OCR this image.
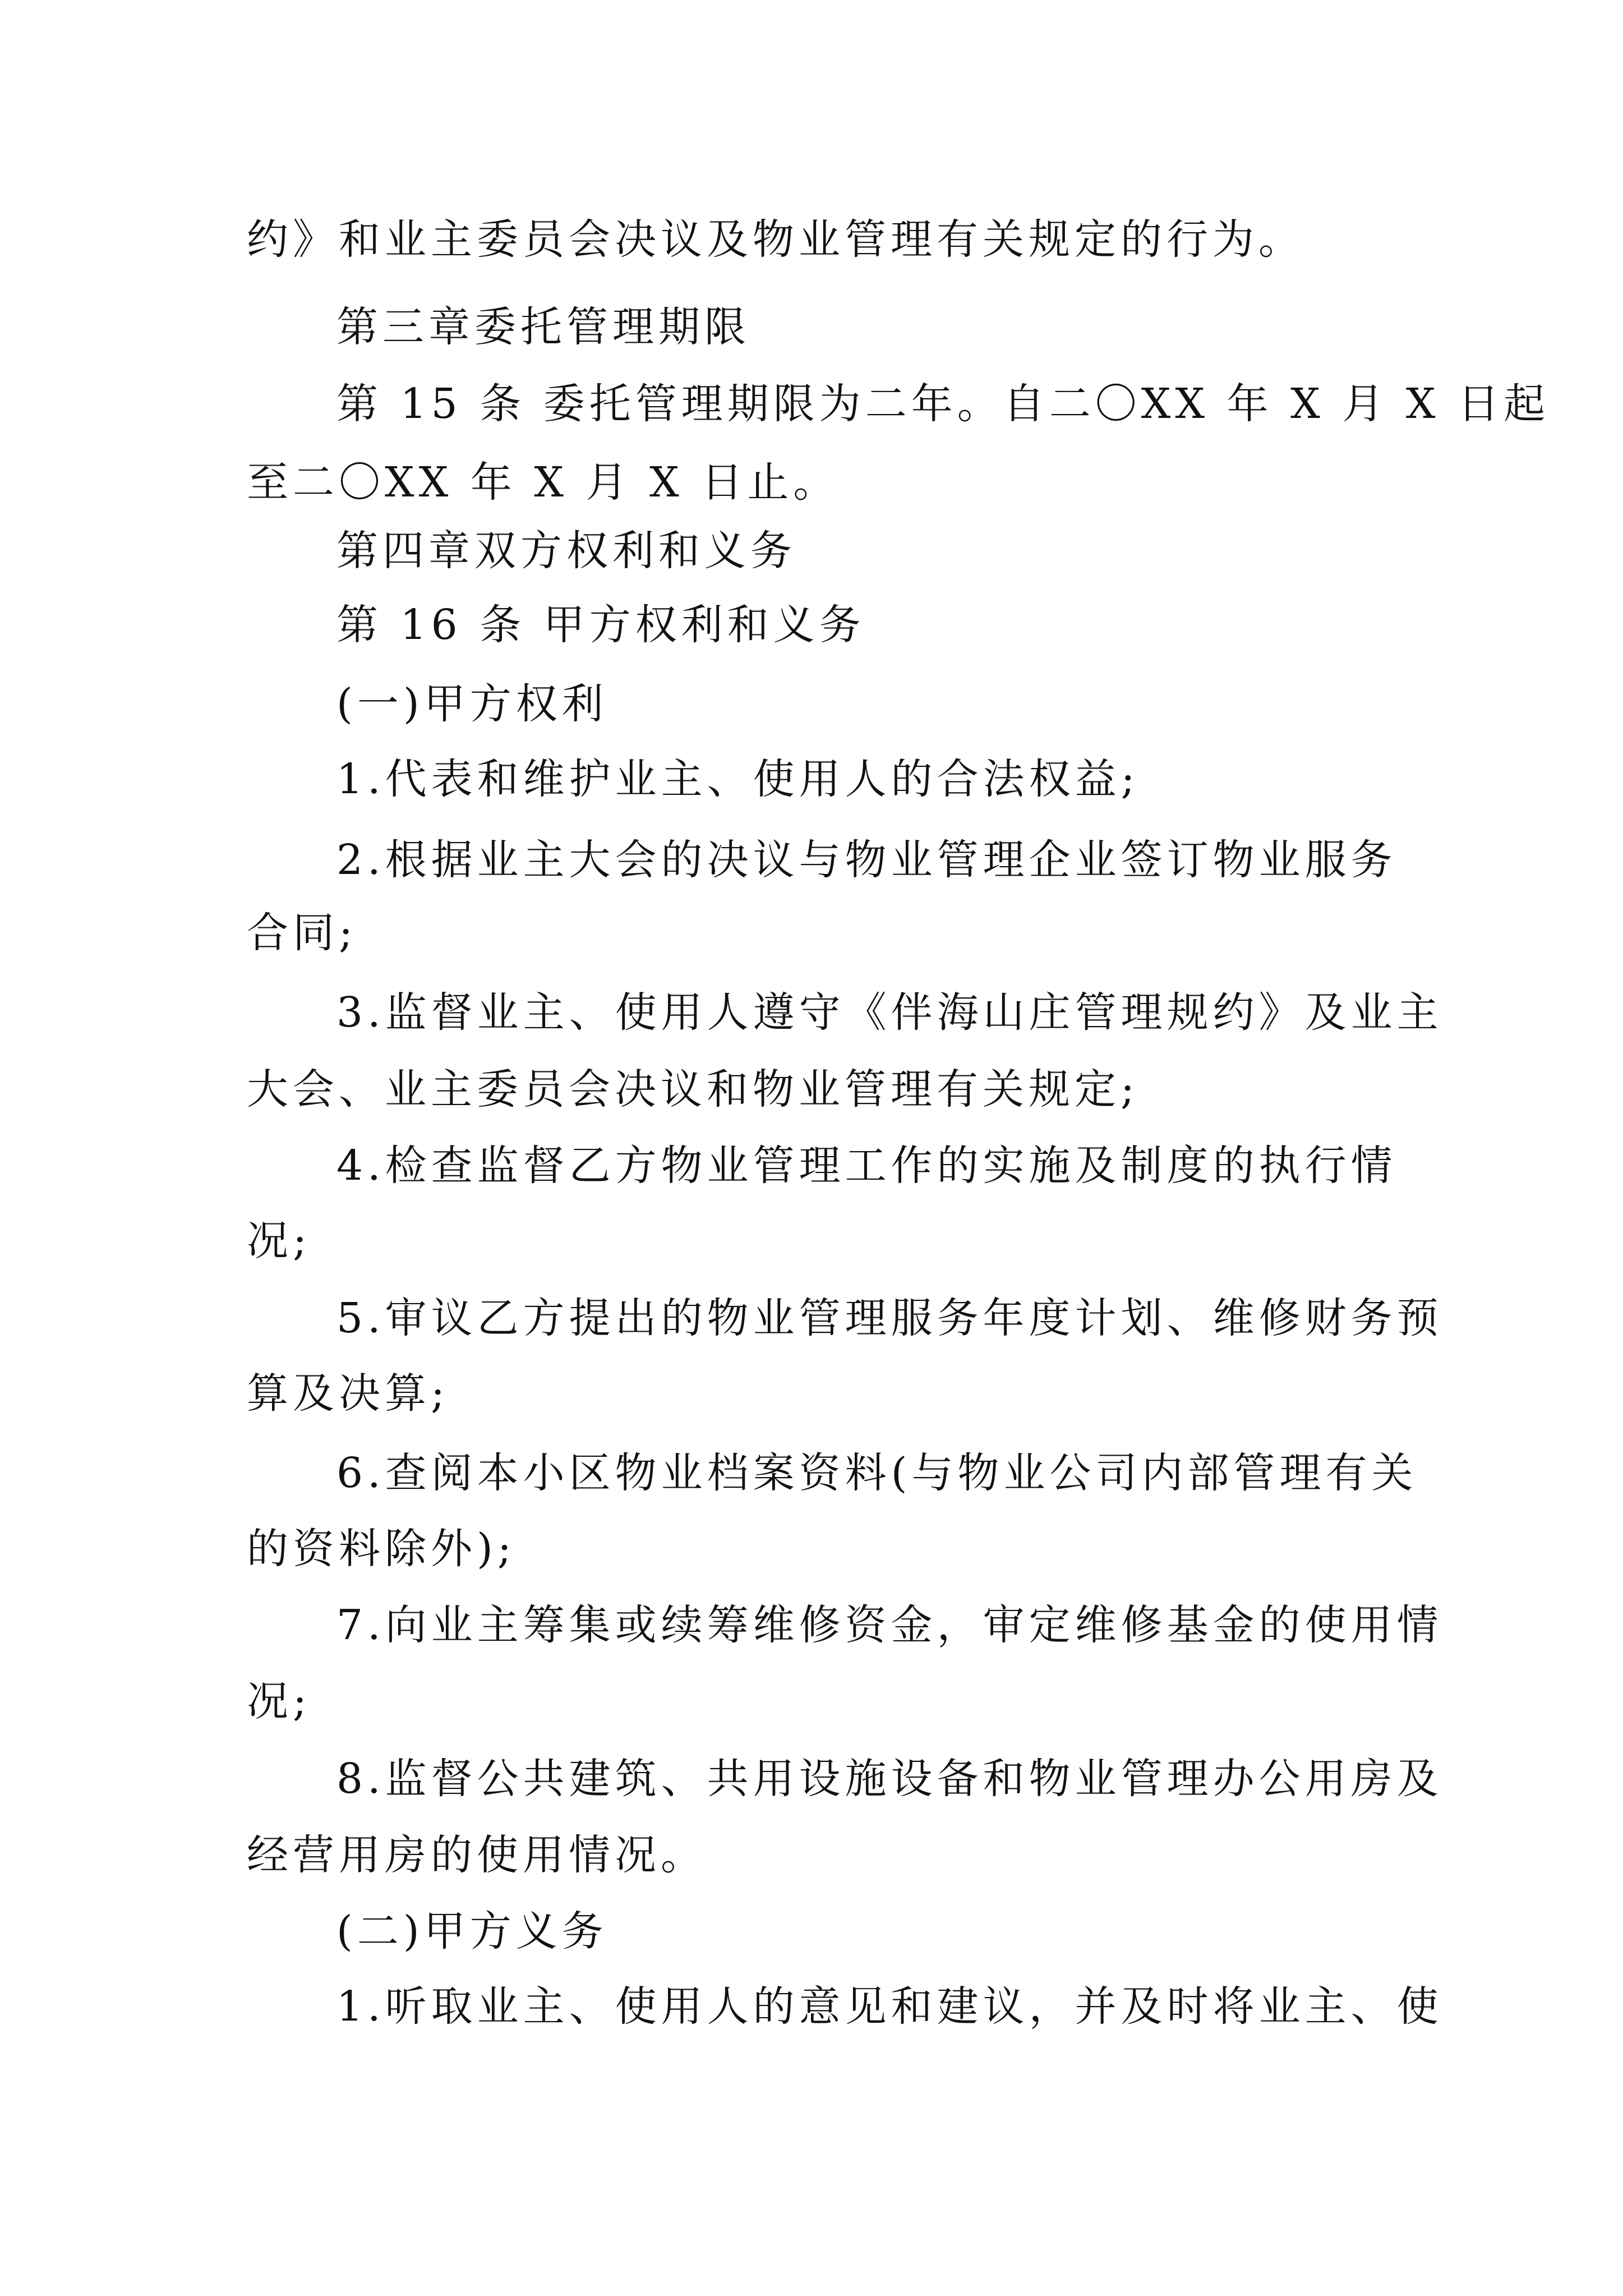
约》和业主委员会决议及物业管理有关规定的行为。
第三章委托管理期限
第 15 条 委托管理期限为二年。自二〇XX 年 X 月 X 日起
至二〇XX 年 X 月 X 日止。
第四章双方权利和义务
第 16 条 甲方权利和义务
(一)甲方权利
1.代表和维护业主、使用人的合法权益;
2.根据业主大会的决议与物业管理企业签订物业服务
合同;
3.监督业主、使用人遵守《伴海山庄管理规约》及业主
大会、业主委员会决议和物业管理有关规定;
4.检查监督乙方物业管理工作的实施及制度的执行情
况;
5.审议乙方提出的物业管理服务年度计划、维修财务预
算及决算;
6.查阅本小区物业档案资料(与物业公司内部管理有关
的资料除外);
7.向业主筹集或续筹维修资金，审定维修基金的使用情
况;
8.监督公共建筑、共用设施设备和物业管理办公用房及
经营用房的使用情况。
(二)甲方义务
1.听取业主、使用人的意见和建议，并及时将业主、使
